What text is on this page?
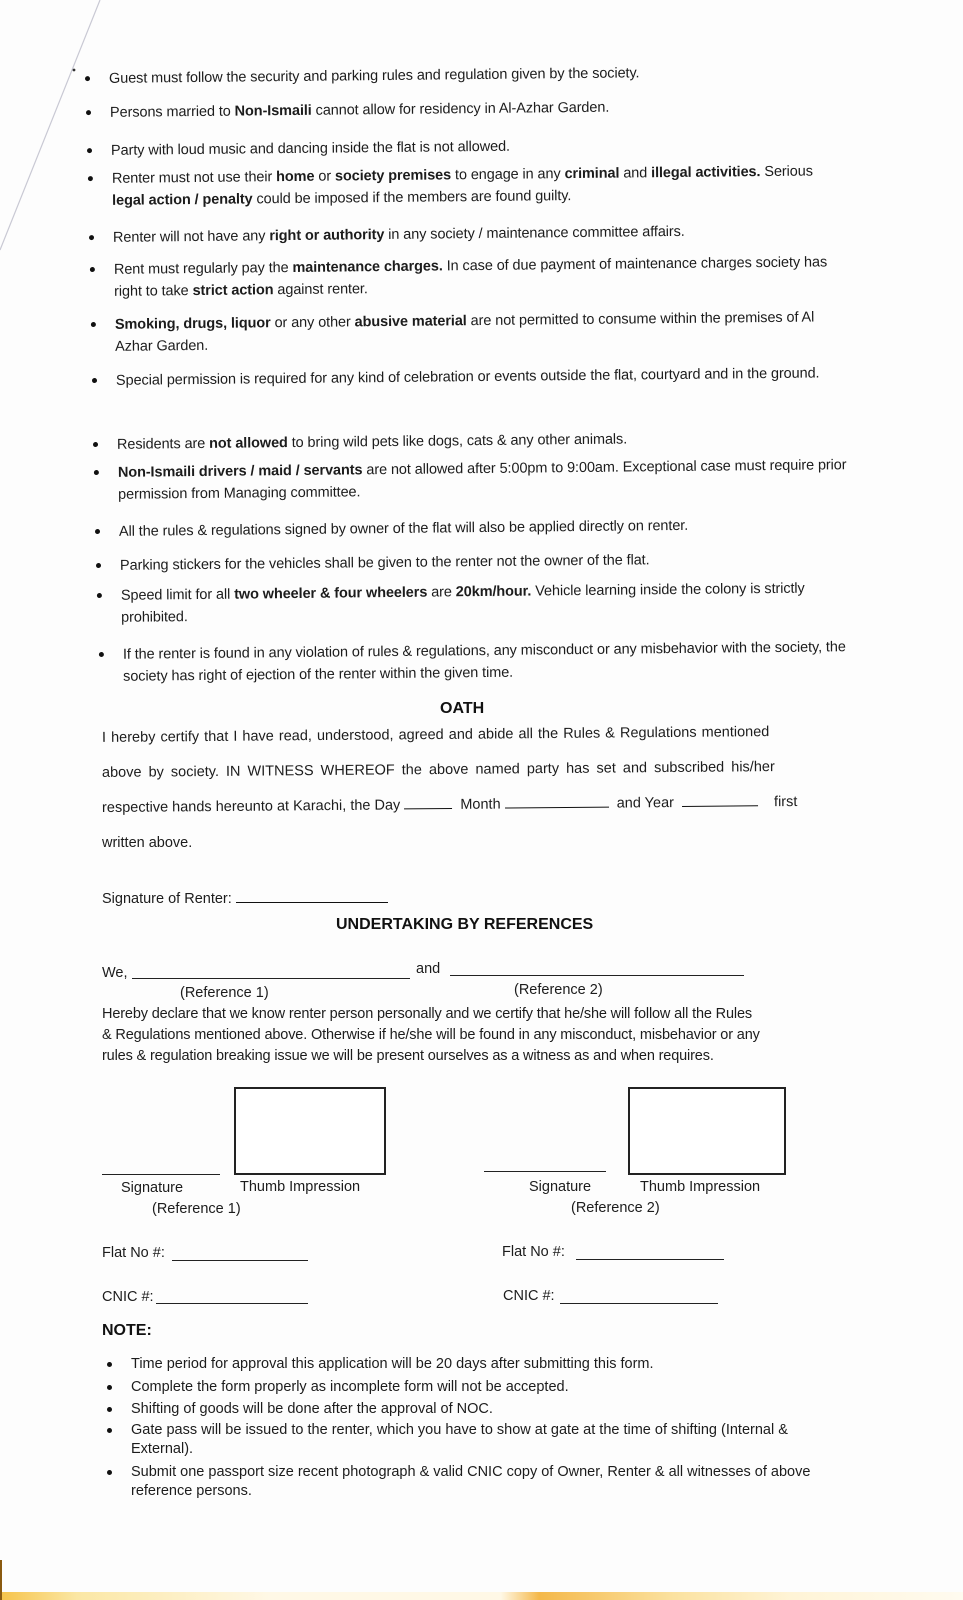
Guest must follow the security and parking rules and regulation given by the society.
Persons married to Non-Ismaili cannot allow for residency in Al-Azhar Garden.
Party with loud music and dancing inside the flat is not allowed.
Renter must not use their home or society premises to engage in any criminal and illegal activities. Serious legal action / penalty could be imposed if the members are found guilty.
Renter will not have any right or authority in any society / maintenance committee affairs.
Rent must regularly pay the maintenance charges. In case of due payment of maintenance charges society has right to take strict action against renter.
Smoking, drugs, liquor or any other abusive material are not permitted to consume within the premises of Al Azhar Garden.
Special permission is required for any kind of celebration or events outside the flat, courtyard and in the ground.
Residents are not allowed to bring wild pets like dogs, cats & any other animals.
Non-Ismaili drivers / maid / servants are not allowed after 5:00pm to 9:00am. Exceptional case must require prior permission from Managing committee.
All the rules & regulations signed by owner of the flat will also be applied directly on renter.
Parking stickers for the vehicles shall be given to the renter not the owner of the flat.
Speed limit for all two wheeler & four wheelers are 20km/hour. Vehicle learning inside the colony is strictly prohibited.
If the renter is found in any violation of rules & regulations, any misconduct or any misbehavior with the society, the society has right of ejection of the renter within the given time.
OATH
I hereby certify that I have read, understood, agreed and abide all the Rules & Regulations mentioned
above by society. IN WITNESS WHEREOF the above named party has set and subscribed his/her
respective hands hereunto at Karachi, the Day	Month	and Year	first
written above.
Signature of Renter:
UNDERTAKING BY REFERENCES
We,	and
(Reference 1)	(Reference 2)
Hereby declare that we know renter person personally and we certify that he/she will follow all the Rules
& Regulations mentioned above. Otherwise if he/she will be found in any misconduct, misbehavior or any
rules & regulation breaking issue we will be present ourselves as a witness as and when requires.
Signature	Thumb Impression
(Reference 1)
Signature	Thumb Impression
(Reference 2)
Flat No #:	Flat No #:
CNIC #:	CNIC #:
NOTE:
Time period for approval this application will be 20 days after submitting this form.
Complete the form properly as incomplete form will not be accepted.
Shifting of goods will be done after the approval of NOC.
Gate pass will be issued to the renter, which you have to show at gate at the time of shifting (Internal & External).
Submit one passport size recent photograph & valid CNIC copy of Owner, Renter & all witnesses of above reference persons.
